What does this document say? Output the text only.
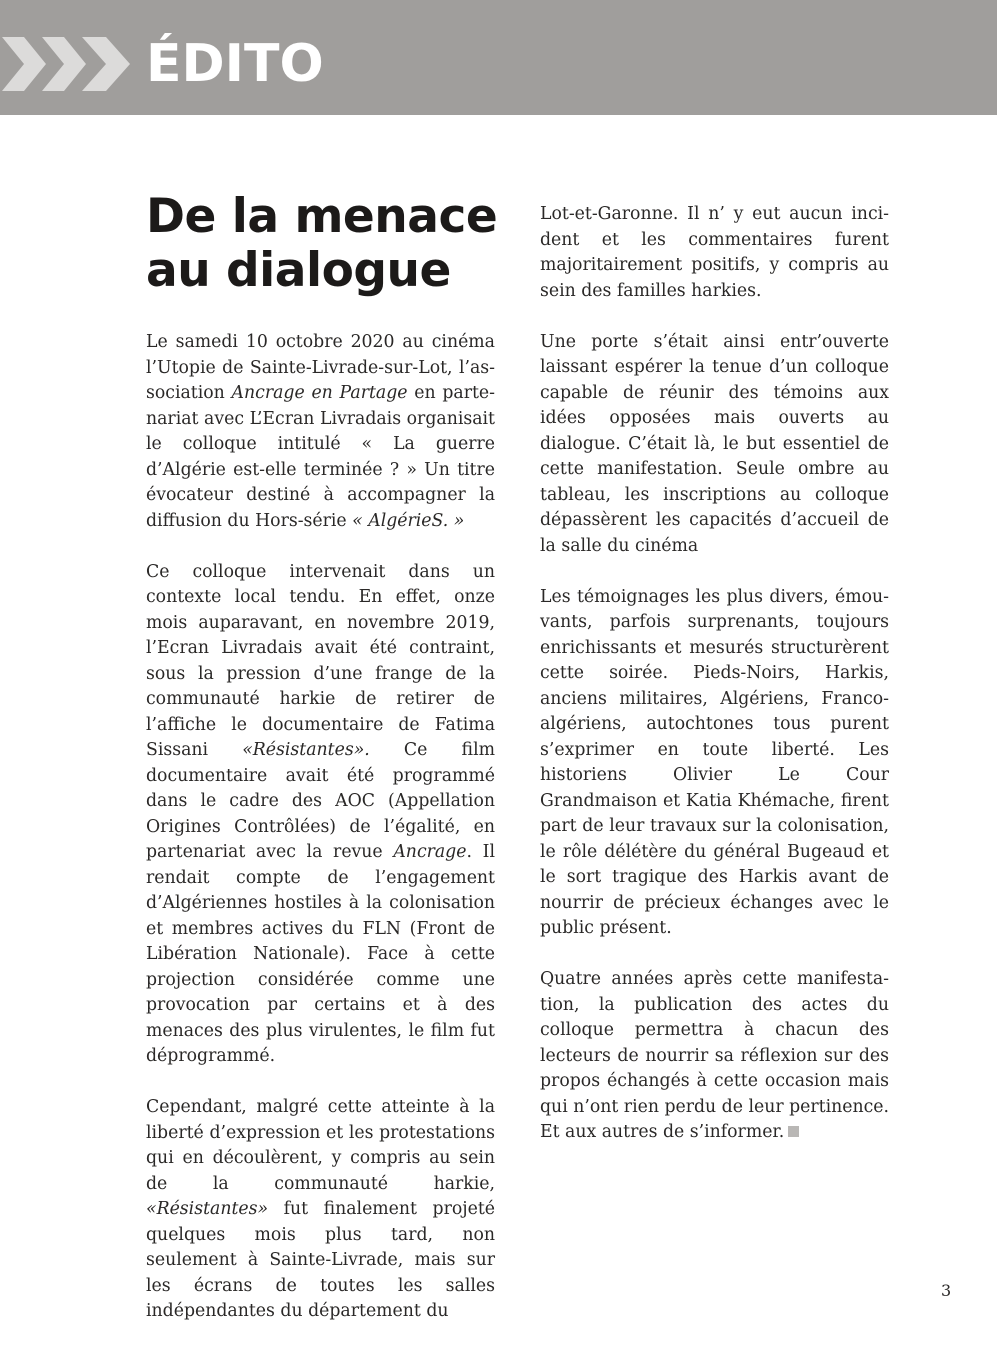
ÉDITO
De la menace
au dialogue

Le samedi 10 octobre 2020 au cinéma l’Utopie de Sainte-Livrade-sur-Lot, l’association Ancrage en Partage en partenariat avec L’Ecran Livradais organisait le colloque intitulé « La guerre d’Algérie est-elle terminée ? » Un titre évocateur destiné à accompagner la diffusion du Hors-série « AlgérieS. »

Ce colloque intervenait dans un contexte local tendu. En effet, onze mois auparavant, en novembre 2019, l’Ecran Livradais avait été contraint, sous la pression d’une frange de la communauté harkie de retirer de l’affiche le documentaire de Fatima Sissani «Résistantes». Ce film documentaire avait été programmé dans le cadre des AOC (Appellation Origines Contrôlées) de l’égalité, en partenariat avec la revue Ancrage. Il rendait compte de l’engagement d’Algériennes hostiles à la colonisation et membres actives du FLN (Front de Libération Nationale). Face à cette projection considérée comme une provocation par certains et à des menaces des plus virulentes, le film fut déprogrammé.

Cependant, malgré cette atteinte à la liberté d’expression et les protestations qui en découlèrent, y compris au sein de la communauté harkie, «Résistantes» fut finalement projeté quelques mois plus tard, non seulement à Sainte-Livrade, mais sur les écrans de toutes les salles indépendantes du département du

Lot-et-Garonne. Il n’ y eut aucun incident et les commentaires furent majoritairement positifs, y compris au sein des familles harkies.

Une porte s’était ainsi entr’ouverte laissant espérer la tenue d’un colloque capable de réunir des témoins aux idées opposées mais ouverts au dialogue. C’était là, le but essentiel de cette manifestation. Seule ombre au tableau, les inscriptions au colloque dépassèrent les capacités d’accueil de la salle du cinéma

Les témoignages les plus divers, émouvants, parfois surprenants, toujours enrichissants et mesurés structurèrent cette soirée. Pieds-Noirs, Harkis, anciens militaires, Algériens, Franco-algériens, autochtones tous purent s’exprimer en toute liberté. Les historiens Olivier Le Cour Grandmaison et Katia Khémache, firent part de leur travaux sur la colonisation, le rôle délétère du général Bugeaud et le sort tragique des Harkis avant de nourrir de précieux échanges avec le public présent.

Quatre années après cette manifestation, la publication des actes du colloque permettra à chacun des lecteurs de nourrir sa réflexion sur des propos échangés à cette occasion mais qui n’ont rien perdu de leur pertinence. Et aux autres de s’informer.

3
